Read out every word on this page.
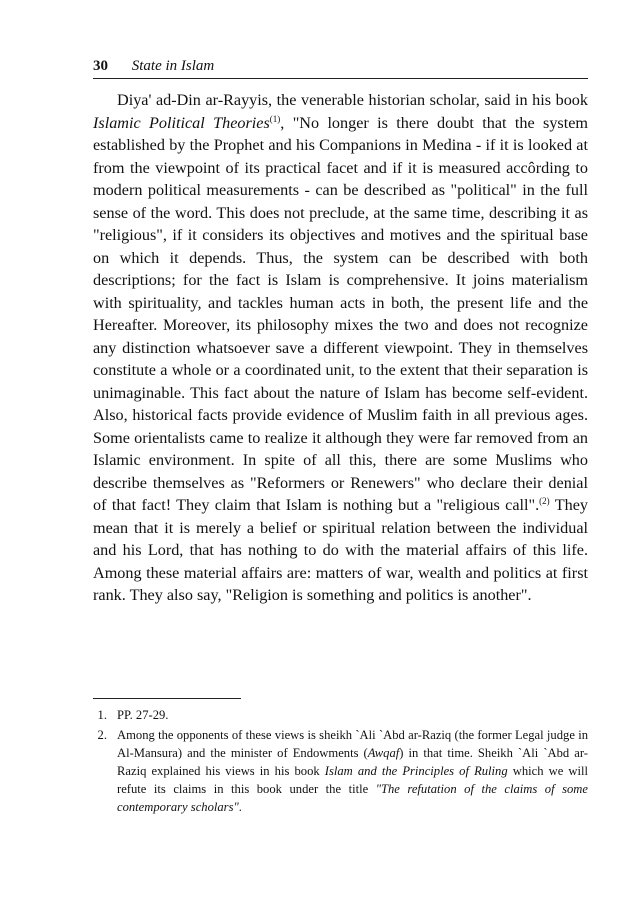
30 State in Islam

Diya' ad-Din ar-Rayyis, the venerable historian scholar, said in his book Islamic Political Theories$^{(1)}$, "No longer is there doubt that the system established by the Prophet and his Companions in Medina - if it is looked at from the viewpoint of its practical facet and if it is measured accôrding to modern political measurements - can be described as "political" in the full sense of the word. This does not preclude, at the same time, describing it as "religious", if it considers its objectives and motives and the spiritual base on which it depends. Thus, the system can be described with both descriptions; for the fact is Islam is comprehensive. It joins materialism with spirituality, and tackles human acts in both, the present life and the Hereafter. Moreover, its philosophy mixes the two and does not recognize any distinction whatsoever save a different viewpoint. They in themselves constitute a whole or a coordinated unit, to the extent that their separation is unimaginable. This fact about the nature of Islam has become self-evident. Also, historical facts provide evidence of Muslim faith in all previous ages. Some orientalists came to realize it although they were far removed from an Islamic environment. In spite of all this, there are some Muslims who describe themselves as "Reformers or Renewers" who declare their denial of that fact! They claim that Islam is nothing but a "religious call".$^{(2)}$ They mean that it is merely a belief or spiritual relation between the individual and his Lord, that has nothing to do with the material affairs of this life. Among these material affairs are: matters of war, wealth and politics at first rank. They also say, "Religion is something and politics is another".

1. PP. 27-29.
2. Among the opponents of these views is sheikh `Ali `Abd ar-Raziq (the former Legal judge in Al-Mansura) and the minister of Endowments (Awqaf) in that time. Sheikh `Ali `Abd ar-Raziq explained his views in his book Islam and the Principles of Ruling which we will refute its claims in this book under the title "The refutation of the claims of some contemporary scholars".
